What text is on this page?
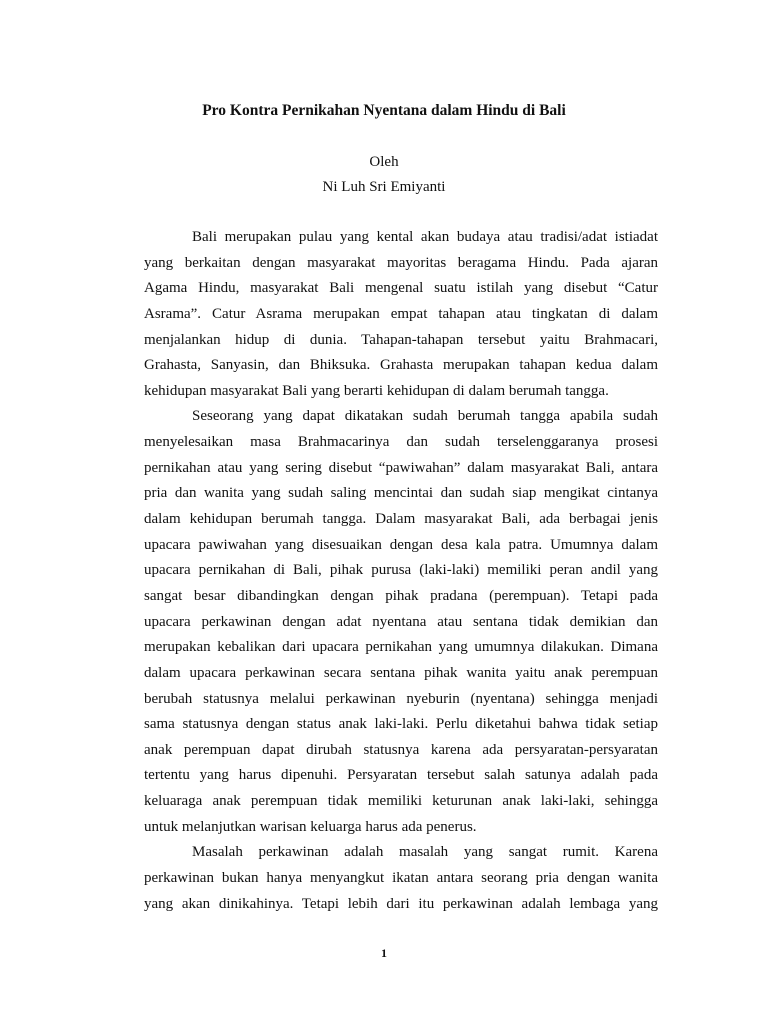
Pro Kontra Pernikahan Nyentana dalam Hindu di Bali
Oleh
Ni Luh Sri Emiyanti
Bali merupakan pulau yang kental akan budaya atau tradisi/adat istiadat
yang berkaitan dengan masyarakat mayoritas beragama Hindu. Pada ajaran
Agama Hindu, masyarakat Bali mengenal suatu istilah yang disebut “Catur
Asrama”. Catur Asrama merupakan empat tahapan atau tingkatan di dalam
menjalankan hidup di dunia. Tahapan-tahapan tersebut yaitu Brahmacari,
Grahasta, Sanyasin, dan Bhiksuka. Grahasta merupakan tahapan kedua dalam
kehidupan masyarakat Bali yang berarti kehidupan di dalam berumah tangga.
Seseorang yang dapat dikatakan sudah berumah tangga apabila sudah
menyelesaikan masa Brahmacarinya dan sudah terselenggaranya prosesi
pernikahan atau yang sering disebut “pawiwahan” dalam masyarakat Bali, antara
pria dan wanita yang sudah saling mencintai dan sudah siap mengikat cintanya
dalam kehidupan berumah tangga. Dalam masyarakat Bali, ada berbagai jenis
upacara pawiwahan yang disesuaikan dengan desa kala patra. Umumnya dalam
upacara pernikahan di Bali, pihak purusa (laki-laki) memiliki peran andil yang
sangat besar dibandingkan dengan pihak pradana (perempuan). Tetapi pada
upacara perkawinan dengan adat nyentana atau sentana tidak demikian dan
merupakan kebalikan dari upacara pernikahan yang umumnya dilakukan. Dimana
dalam upacara perkawinan secara sentana pihak wanita yaitu anak perempuan
berubah statusnya melalui perkawinan nyeburin (nyentana) sehingga menjadi
sama statusnya dengan status anak laki-laki. Perlu diketahui bahwa tidak setiap
anak perempuan dapat dirubah statusnya karena ada persyaratan-persyaratan
tertentu yang harus dipenuhi. Persyaratan tersebut salah satunya adalah pada
keluaraga anak perempuan tidak memiliki keturunan anak laki-laki, sehingga
untuk melanjutkan warisan keluarga harus ada penerus.
Masalah perkawinan adalah masalah yang sangat rumit. Karena
perkawinan bukan hanya menyangkut ikatan antara seorang pria dengan wanita
yang akan dinikahinya. Tetapi lebih dari itu perkawinan adalah lembaga yang
1
